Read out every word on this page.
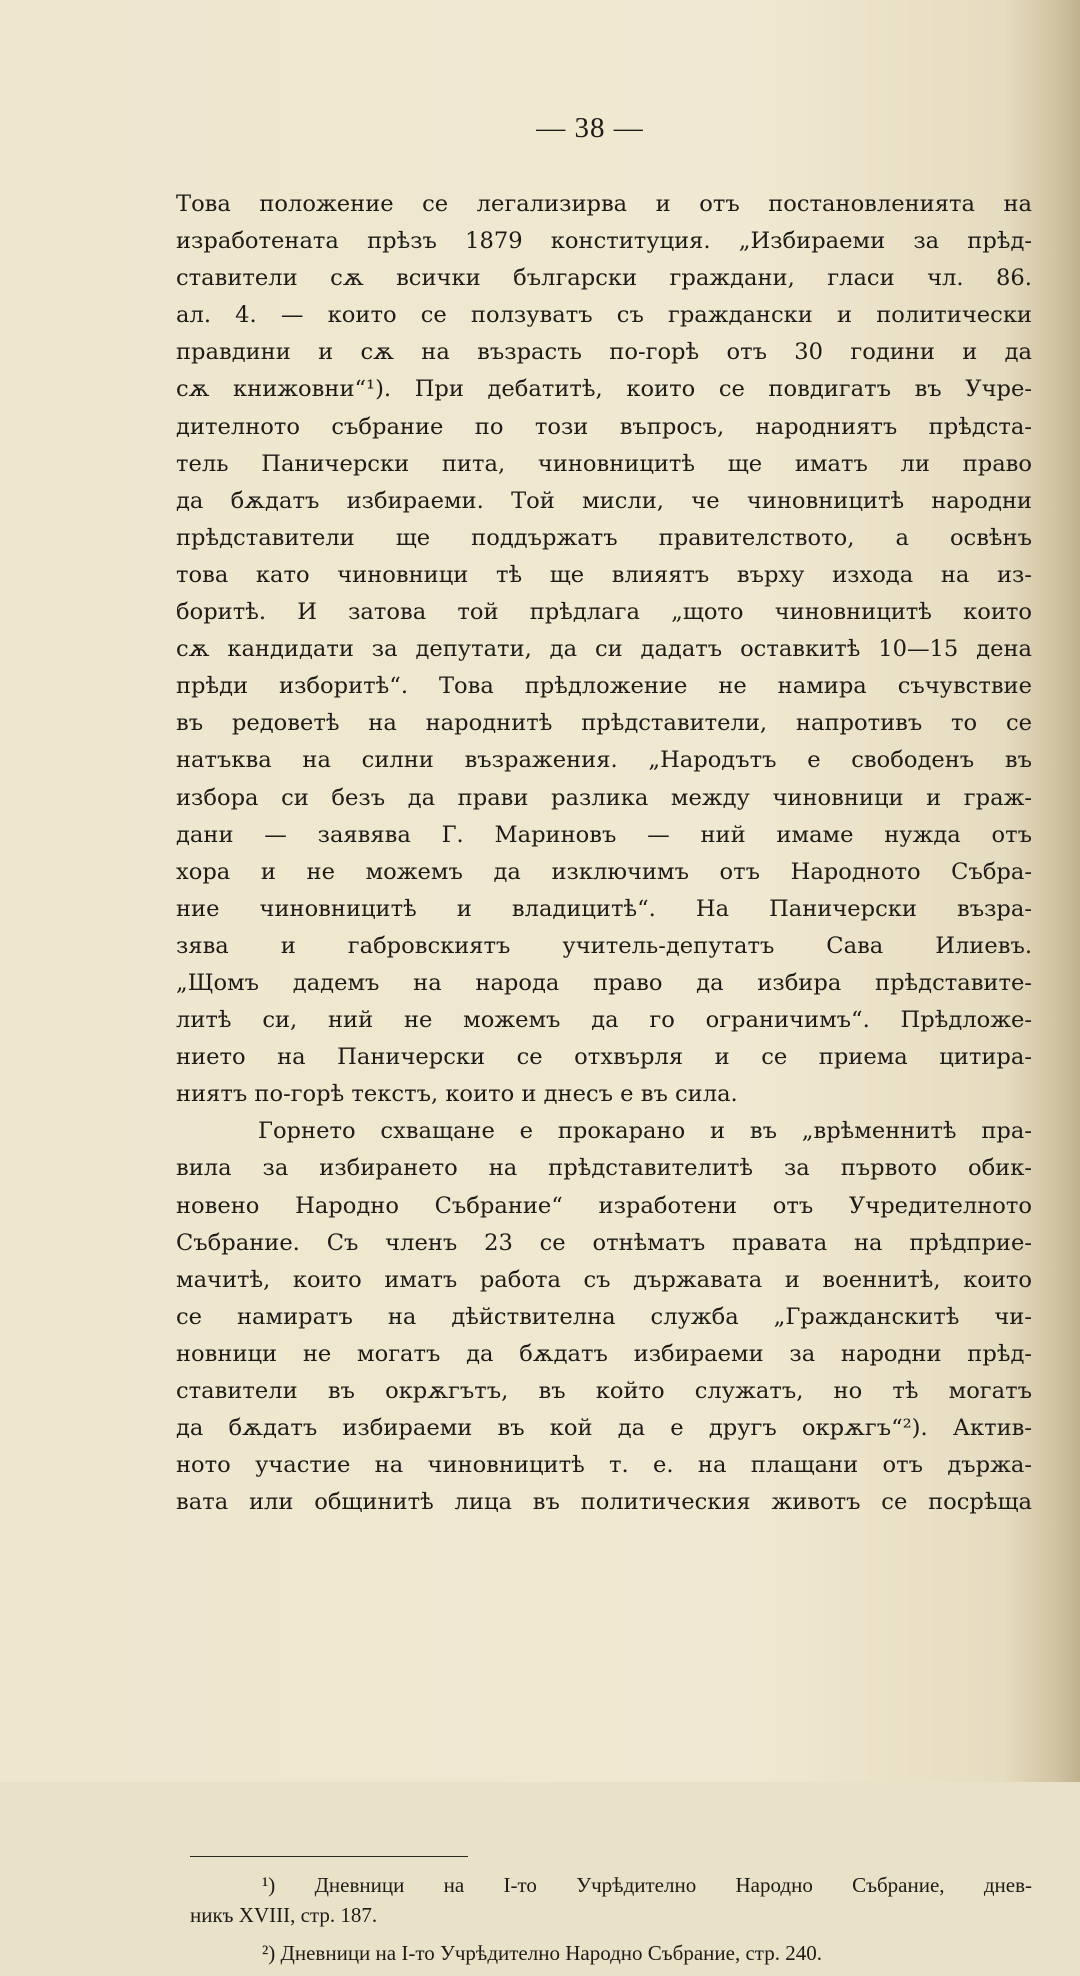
— 38 —
Това положение се легализирва и отъ постановленията на
изработената прѣзъ 1879 конституция. „Избираеми за прѣд-
ставители сѫ всички български граждани, гласи чл. 86.
ал. 4. — които се ползуватъ съ граждански и политически
правдини и сѫ на възрасть по-горѣ отъ 30 години и да
сѫ книжовни“¹). При дебатитѣ, които се повдигатъ въ Учре-
дителното събрание по този въпросъ, народниятъ прѣдста-
тель Паничерски пита, чиновницитѣ ще иматъ ли право
да бѫдатъ избираеми. Той мисли, че чиновницитѣ народни
прѣдставители ще поддържатъ правителството, а освѣнъ
това като чиновници тѣ ще влияятъ върху изхода на из-
боритѣ. И затова той прѣдлага „щото чиновницитѣ които
сѫ кандидати за депутати, да си дадатъ оставкитѣ 10—15 дена
прѣди изборитѣ“. Това прѣдложение не намира съчувствие
въ редоветѣ на народнитѣ прѣдставители, напротивъ то се
натъква на силни възражения. „Народътъ е свободенъ въ
избора си безъ да прави разлика между чиновници и граж-
дани — заявява Г. Мариновъ — ний имаме нужда отъ
хора и не можемъ да изключимъ отъ Народното Събра-
ние чиновницитѣ и владицитѣ“. На Паничерски възра-
зява и габровскиятъ учитель-депутатъ Сава Илиевъ.
„Щомъ дадемъ на народа право да избира прѣдставите-
литѣ си, ний не можемъ да го ограничимъ“. Прѣдложе-
нието на Паничерски се отхвърля и се приема цитира-
ниятъ по-горѣ текстъ, които и днесъ е въ сила.
Горнето схващане е прокарано и въ „врѣменнитѣ пра-
вила за избирането на прѣдставителитѣ за първото обик-
новено Народно Събрание“ изработени отъ Учредителното
Събрание. Съ членъ 23 се отнѣматъ правата на прѣдприе-
мачитѣ, които иматъ работа съ държавата и военнитѣ, които
се намиратъ на дѣйствителна служба „Гражданскитѣ чи-
новници не могатъ да бѫдатъ избираеми за народни прѣд-
ставители въ окрѫгътъ, въ който служатъ, но тѣ могатъ
да бѫдатъ избираеми въ кой да е другъ окрѫгъ“²). Актив-
ното участие на чиновницитѣ т. е. на плащани отъ държа-
вата или общинитѣ лица въ политическия животъ се посрѣща
¹) Дневници на I-то Учрѣдително Народно Събрание, днев-
никъ XVIII, стр. 187.
²) Дневници на I-то Учрѣдително Народно Събрание, стр. 240.
